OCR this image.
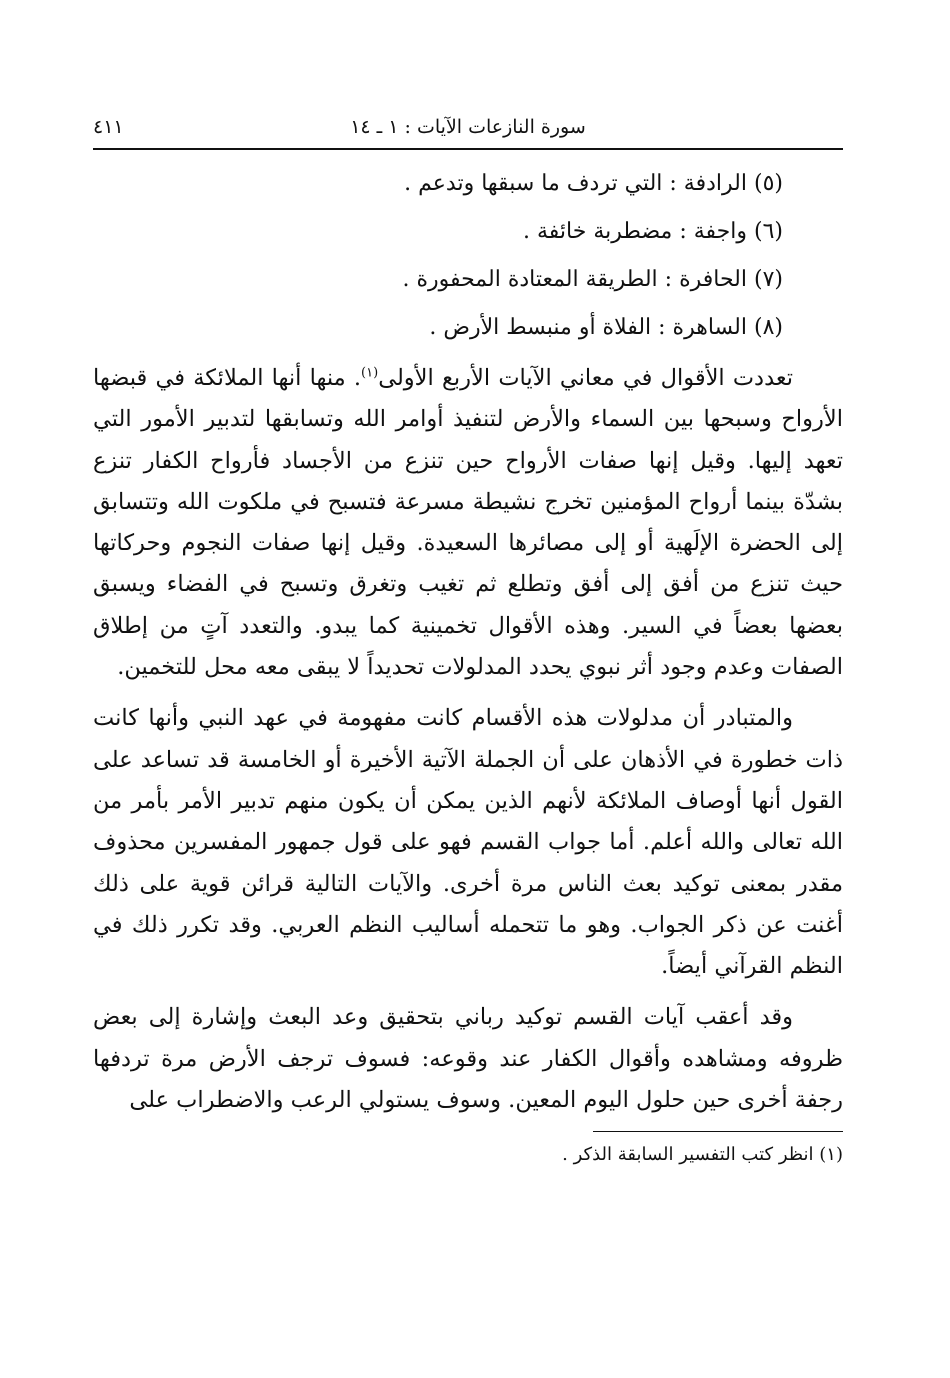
سورة النازعات الآيات : ١ ـ ١٤
٤١١
(٥) الرادفة : التي تردف ما سبقها وتدعم .
(٦) واجفة : مضطربة خائفة .
(٧) الحافرة : الطريقة المعتادة المحفورة .
(٨) الساهرة : الفلاة أو منبسط الأرض .

تعددت الأقوال في معاني الآيات الأربع الأولى$^{(١)}$. منها أنها الملائكة في قبضها الأرواح وسبحها بين السماء والأرض لتنفيذ أوامر الله وتسابقها لتدبير الأمور التي تعهد إليها. وقيل إنها صفات الأرواح حين تنزع من الأجساد فأرواح الكفار تنزع بشدّة بينما أرواح المؤمنين تخرج نشيطة مسرعة فتسبح في ملكوت الله وتتسابق إلى الحضرة الإلَهية أو إلى مصائرها السعيدة. وقيل إنها صفات النجوم وحركاتها حيث تنزع من أفق إلى أفق وتطلع ثم تغيب وتغرق وتسبح في الفضاء ويسبق بعضها بعضاً في السير. وهذه الأقوال تخمينية كما يبدو. والتعدد آتٍ من إطلاق الصفات وعدم وجود أثر نبوي يحدد المدلولات تحديداً لا يبقى معه محل للتخمين.

والمتبادر أن مدلولات هذه الأقسام كانت مفهومة في عهد النبي وأنها كانت ذات خطورة في الأذهان على أن الجملة الآتية الأخيرة أو الخامسة قد تساعد على القول أنها أوصاف الملائكة لأنهم الذين يمكن أن يكون منهم تدبير الأمر بأمر من الله تعالى والله أعلم. أما جواب القسم فهو على قول جمهور المفسرين محذوف مقدر بمعنى توكيد بعث الناس مرة أخرى. والآيات التالية قرائن قوية على ذلك أغنت عن ذكر الجواب. وهو ما تتحمله أساليب النظم العربي. وقد تكرر ذلك في النظم القرآني أيضاً.

وقد أعقب آيات القسم توكيد رباني بتحقيق وعد البعث وإشارة إلى بعض ظروفه ومشاهده وأقوال الكفار عند وقوعه: فسوف ترجف الأرض مرة تردفها رجفة أخرى حين حلول اليوم المعين. وسوف يستولي الرعب والاضطراب على

(١) انظر كتب التفسير السابقة الذكر .
